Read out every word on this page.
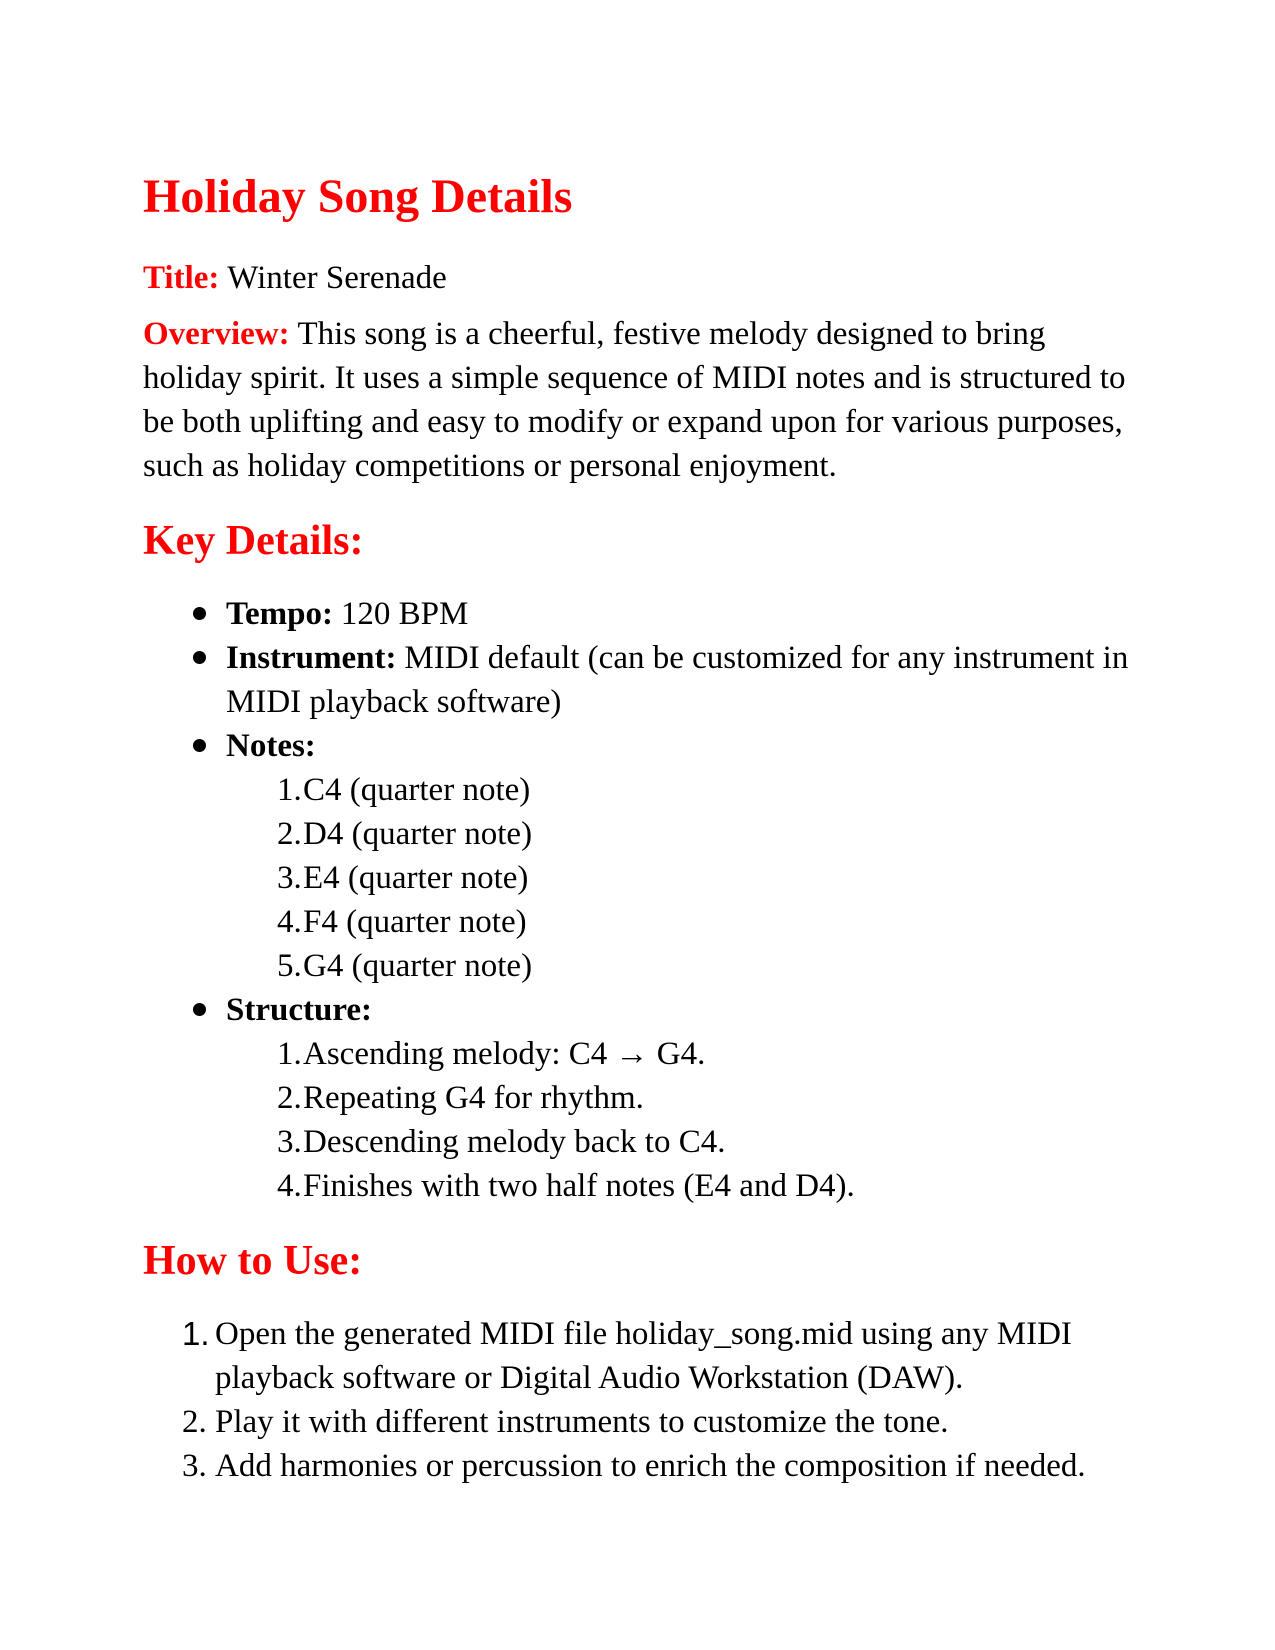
Holiday Song Details

Title: Winter Serenade

Overview: This song is a cheerful, festive melody designed to bring holiday spirit. It uses a simple sequence of MIDI notes and is structured to be both uplifting and easy to modify or expand upon for various purposes, such as holiday competitions or personal enjoyment.

Key Details:
Tempo: 120 BPM
Instrument: MIDI default (can be customized for any instrument in MIDI playback software)
Notes:
1. C4 (quarter note)
2. D4 (quarter note)
3. E4 (quarter note)
4. F4 (quarter note)
5. G4 (quarter note)
Structure:
1. Ascending melody: C4 → G4.
2. Repeating G4 for rhythm.
3. Descending melody back to C4.
4. Finishes with two half notes (E4 and D4).
How to Use:
1. Open the generated MIDI file holiday_song.mid using any MIDI playback software or Digital Audio Workstation (DAW).
2. Play it with different instruments to customize the tone.
3. Add harmonies or percussion to enrich the composition if needed.
